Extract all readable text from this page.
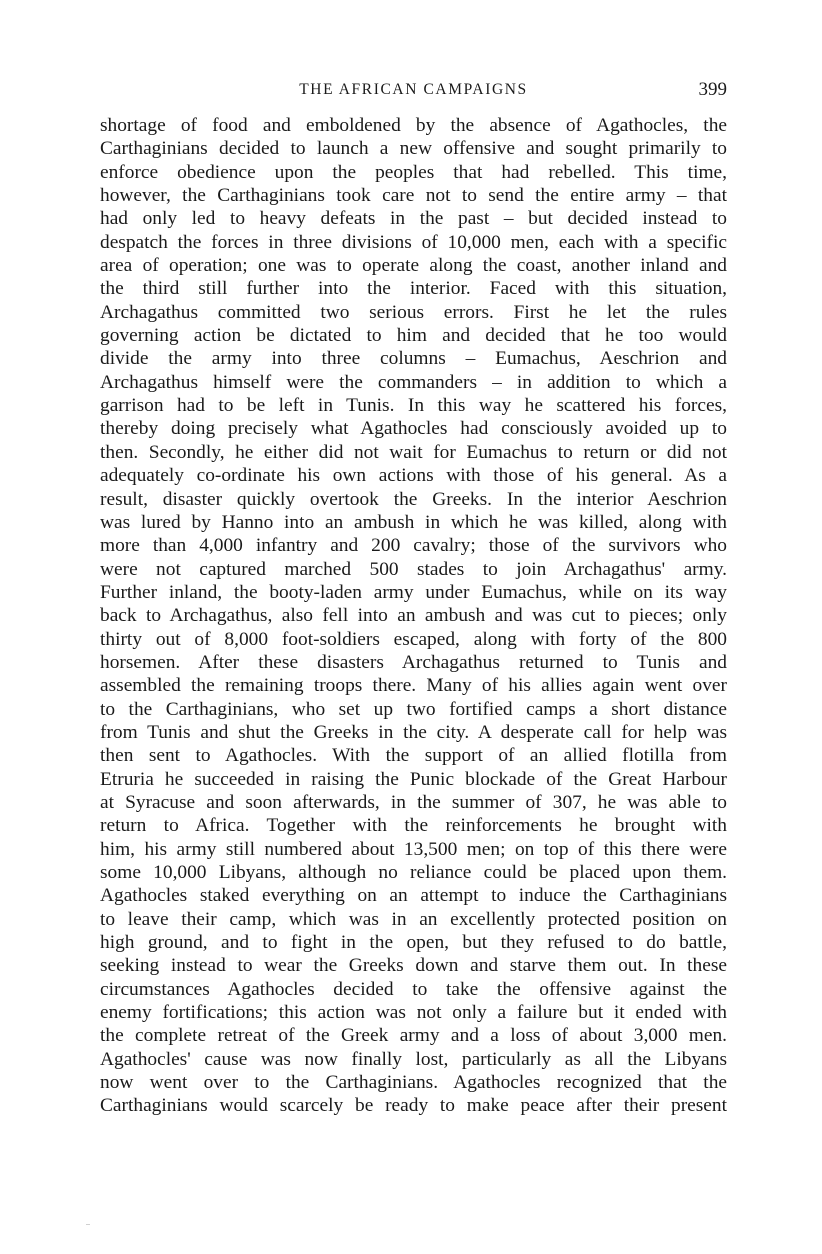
THE AFRICAN CAMPAIGNS	399
shortage of food and emboldened by the absence of Agathocles, the
Carthaginians decided to launch a new offensive and sought primarily to
enforce obedience upon the peoples that had rebelled. This time,
however, the Carthaginians took care not to send the entire army – that
had only led to heavy defeats in the past – but decided instead to
despatch the forces in three divisions of 10,000 men, each with a specific
area of operation; one was to operate along the coast, another inland and
the third still further into the interior. Faced with this situation,
Archagathus committed two serious errors. First he let the rules
governing action be dictated to him and decided that he too would
divide the army into three columns – Eumachus, Aeschrion and
Archagathus himself were the commanders – in addition to which a
garrison had to be left in Tunis. In this way he scattered his forces,
thereby doing precisely what Agathocles had consciously avoided up to
then. Secondly, he either did not wait for Eumachus to return or did not
adequately co-ordinate his own actions with those of his general. As a
result, disaster quickly overtook the Greeks. In the interior Aeschrion
was lured by Hanno into an ambush in which he was killed, along with
more than 4,000 infantry and 200 cavalry; those of the survivors who
were not captured marched 500 stades to join Archagathus' army.
Further inland, the booty-laden army under Eumachus, while on its way
back to Archagathus, also fell into an ambush and was cut to pieces; only
thirty out of 8,000 foot-soldiers escaped, along with forty of the 800
horsemen. After these disasters Archagathus returned to Tunis and
assembled the remaining troops there. Many of his allies again went over
to the Carthaginians, who set up two fortified camps a short distance
from Tunis and shut the Greeks in the city. A desperate call for help was
then sent to Agathocles. With the support of an allied flotilla from
Etruria he succeeded in raising the Punic blockade of the Great Harbour
at Syracuse and soon afterwards, in the summer of 307, he was able to
return to Africa. Together with the reinforcements he brought with
him, his army still numbered about 13,500 men; on top of this there were
some 10,000 Libyans, although no reliance could be placed upon them.
Agathocles staked everything on an attempt to induce the Carthaginians
to leave their camp, which was in an excellently protected position on
high ground, and to fight in the open, but they refused to do battle,
seeking instead to wear the Greeks down and starve them out. In these
circumstances Agathocles decided to take the offensive against the
enemy fortifications; this action was not only a failure but it ended with
the complete retreat of the Greek army and a loss of about 3,000 men.
Agathocles' cause was now finally lost, particularly as all the Libyans
now went over to the Carthaginians. Agathocles recognized that the
Carthaginians would scarcely be ready to make peace after their present
